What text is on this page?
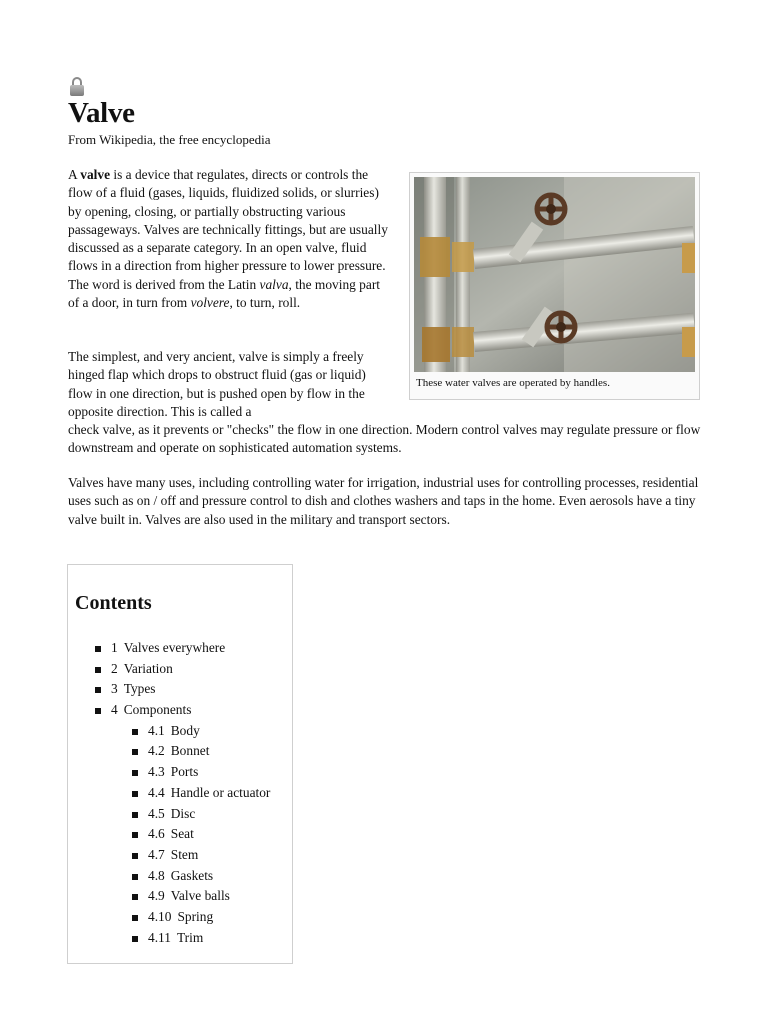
Valve
From Wikipedia, the free encyclopedia
A valve is a device that regulates, directs or controls the flow of a fluid (gases, liquids, fluidized solids, or slurries) by opening, closing, or partially obstructing various passageways. Valves are technically fittings, but are usually discussed as a separate category. In an open valve, fluid flows in a direction from higher pressure to lower pressure. The word is derived from the Latin valva, the moving part of a door, in turn from volvere, to turn, roll.
The simplest, and very ancient, valve is simply a freely hinged flap which drops to obstruct fluid (gas or liquid) flow in one direction, but is pushed open by flow in the opposite direction. This is called a
check valve, as it prevents or "checks" the flow in one direction. Modern control valves may regulate pressure or flow downstream and operate on sophisticated automation systems.
Valves have many uses, including controlling water for irrigation, industrial uses for controlling processes, residential uses such as on / off and pressure control to dish and clothes washers and taps in the home. Even aerosols have a tiny valve built in. Valves are also used in the military and transport sectors.
These water valves are operated by handles.
Contents
1 Valves everywhere
2 Variation
3 Types
4 Components
4.1 Body
4.2 Bonnet
4.3 Ports
4.4 Handle or actuator
4.5 Disc
4.6 Seat
4.7 Stem
4.8 Gaskets
4.9 Valve balls
4.10 Spring
4.11 Trim
